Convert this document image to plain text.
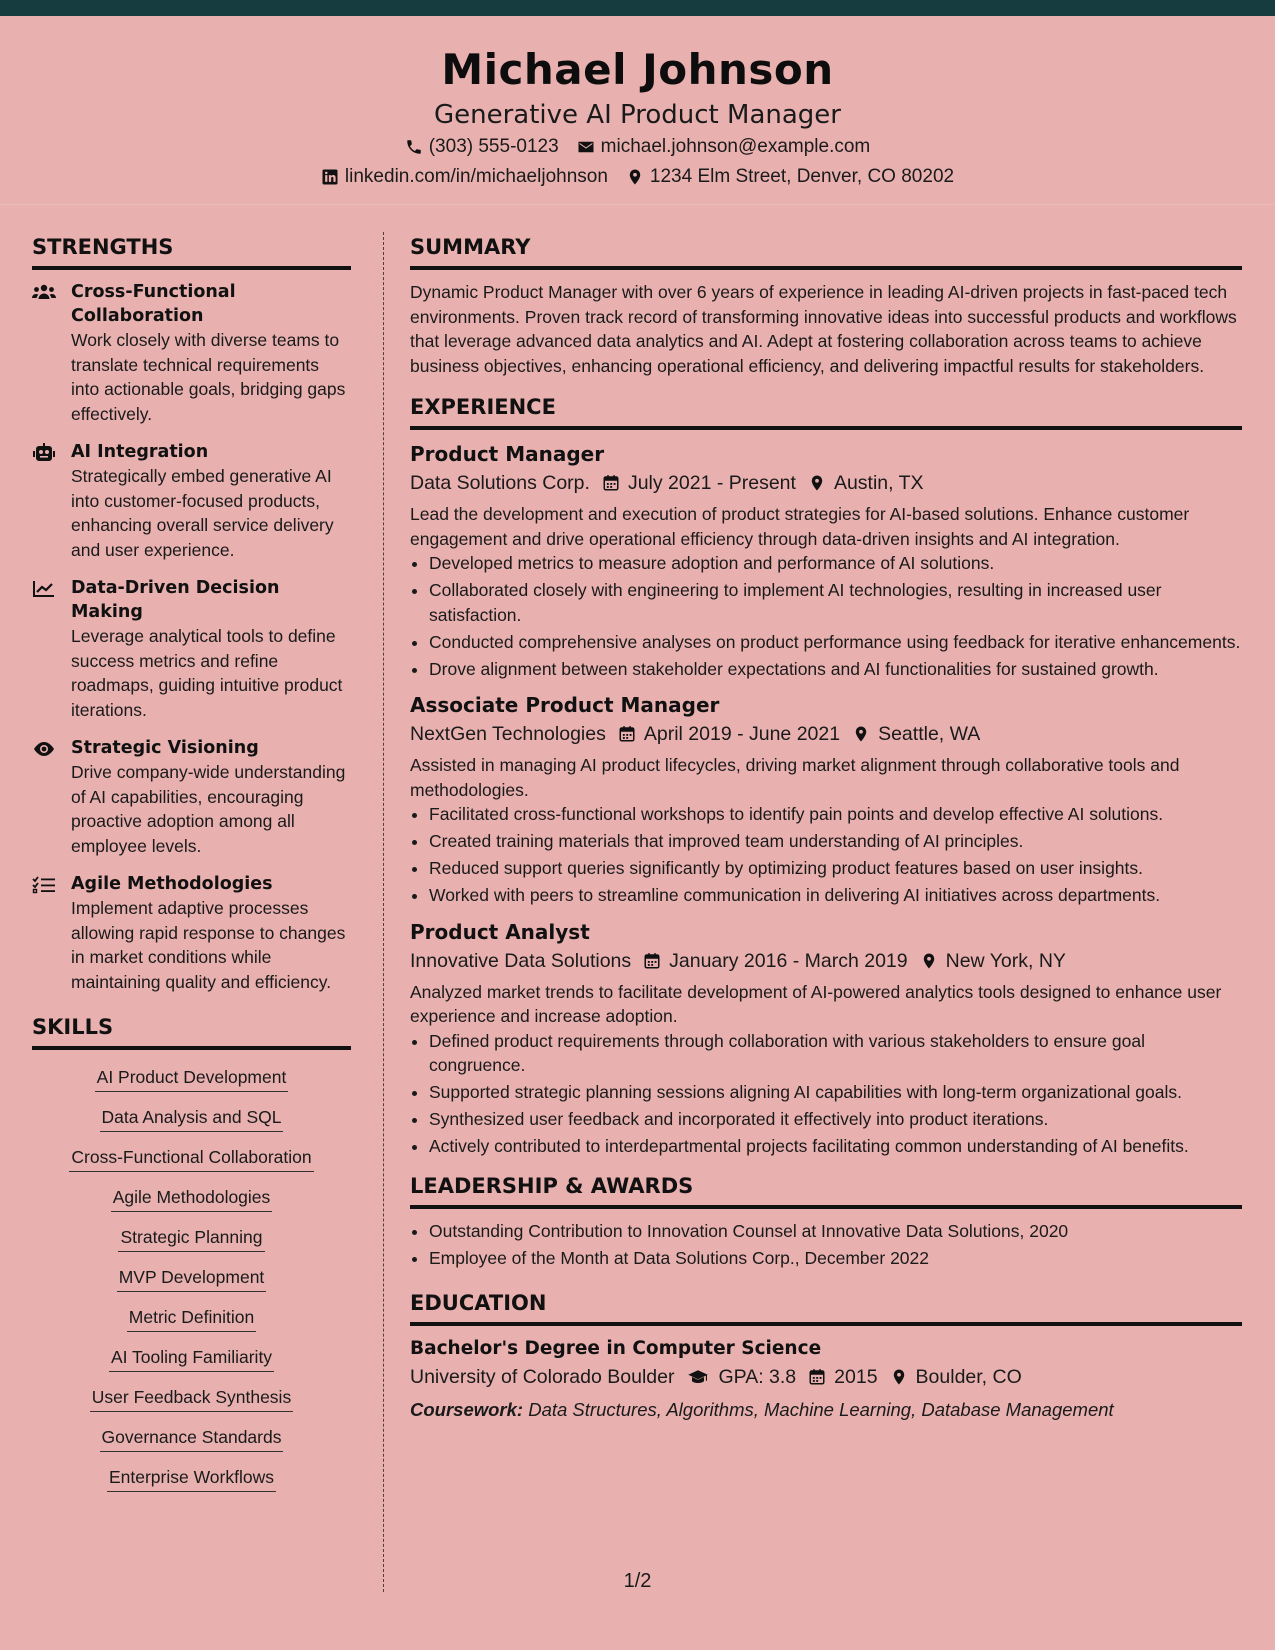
Michael Johnson
Generative AI Product Manager
(303) 555-0123 michael.johnson@example.com
linkedin.com/in/michaeljohnson 1234 Elm Street, Denver, CO 80202
STRENGTHS
Cross-Functional Collaboration
Work closely with diverse teams to translate technical requirements into actionable goals, bridging gaps effectively.
AI Integration
Strategically embed generative AI into customer-focused products, enhancing overall service delivery and user experience.
Data-Driven Decision Making
Leverage analytical tools to define success metrics and refine roadmaps, guiding intuitive product iterations.
Strategic Visioning
Drive company-wide understanding of AI capabilities, encouraging proactive adoption among all employee levels.
Agile Methodologies
Implement adaptive processes allowing rapid response to changes in market conditions while maintaining quality and efficiency.
SKILLS
AI Product Development
Data Analysis and SQL
Cross-Functional Collaboration
Agile Methodologies
Strategic Planning
MVP Development
Metric Definition
AI Tooling Familiarity
User Feedback Synthesis
Governance Standards
Enterprise Workflows
SUMMARY
Dynamic Product Manager with over 6 years of experience in leading AI-driven projects in fast-paced tech environments. Proven track record of transforming innovative ideas into successful products and workflows that leverage advanced data analytics and AI. Adept at fostering collaboration across teams to achieve business objectives, enhancing operational efficiency, and delivering impactful results for stakeholders.
EXPERIENCE
Product Manager
Data Solutions Corp. July 2021 - Present Austin, TX
Lead the development and execution of product strategies for AI-based solutions. Enhance customer engagement and drive operational efficiency through data-driven insights and AI integration.
• Developed metrics to measure adoption and performance of AI solutions.
• Collaborated closely with engineering to implement AI technologies, resulting in increased user satisfaction.
• Conducted comprehensive analyses on product performance using feedback for iterative enhancements.
• Drove alignment between stakeholder expectations and AI functionalities for sustained growth.
Associate Product Manager
NextGen Technologies April 2019 - June 2021 Seattle, WA
Assisted in managing AI product lifecycles, driving market alignment through collaborative tools and methodologies.
• Facilitated cross-functional workshops to identify pain points and develop effective AI solutions.
• Created training materials that improved team understanding of AI principles.
• Reduced support queries significantly by optimizing product features based on user insights.
• Worked with peers to streamline communication in delivering AI initiatives across departments.
Product Analyst
Innovative Data Solutions January 2016 - March 2019 New York, NY
Analyzed market trends to facilitate development of AI-powered analytics tools designed to enhance user experience and increase adoption.
• Defined product requirements through collaboration with various stakeholders to ensure goal congruence.
• Supported strategic planning sessions aligning AI capabilities with long-term organizational goals.
• Synthesized user feedback and incorporated it effectively into product iterations.
• Actively contributed to interdepartmental projects facilitating common understanding of AI benefits.
LEADERSHIP & AWARDS
• Outstanding Contribution to Innovation Counsel at Innovative Data Solutions, 2020
• Employee of the Month at Data Solutions Corp., December 2022
EDUCATION
Bachelor's Degree in Computer Science
University of Colorado Boulder GPA: 3.8 2015 Boulder, CO
Coursework: Data Structures, Algorithms, Machine Learning, Database Management
1/2
